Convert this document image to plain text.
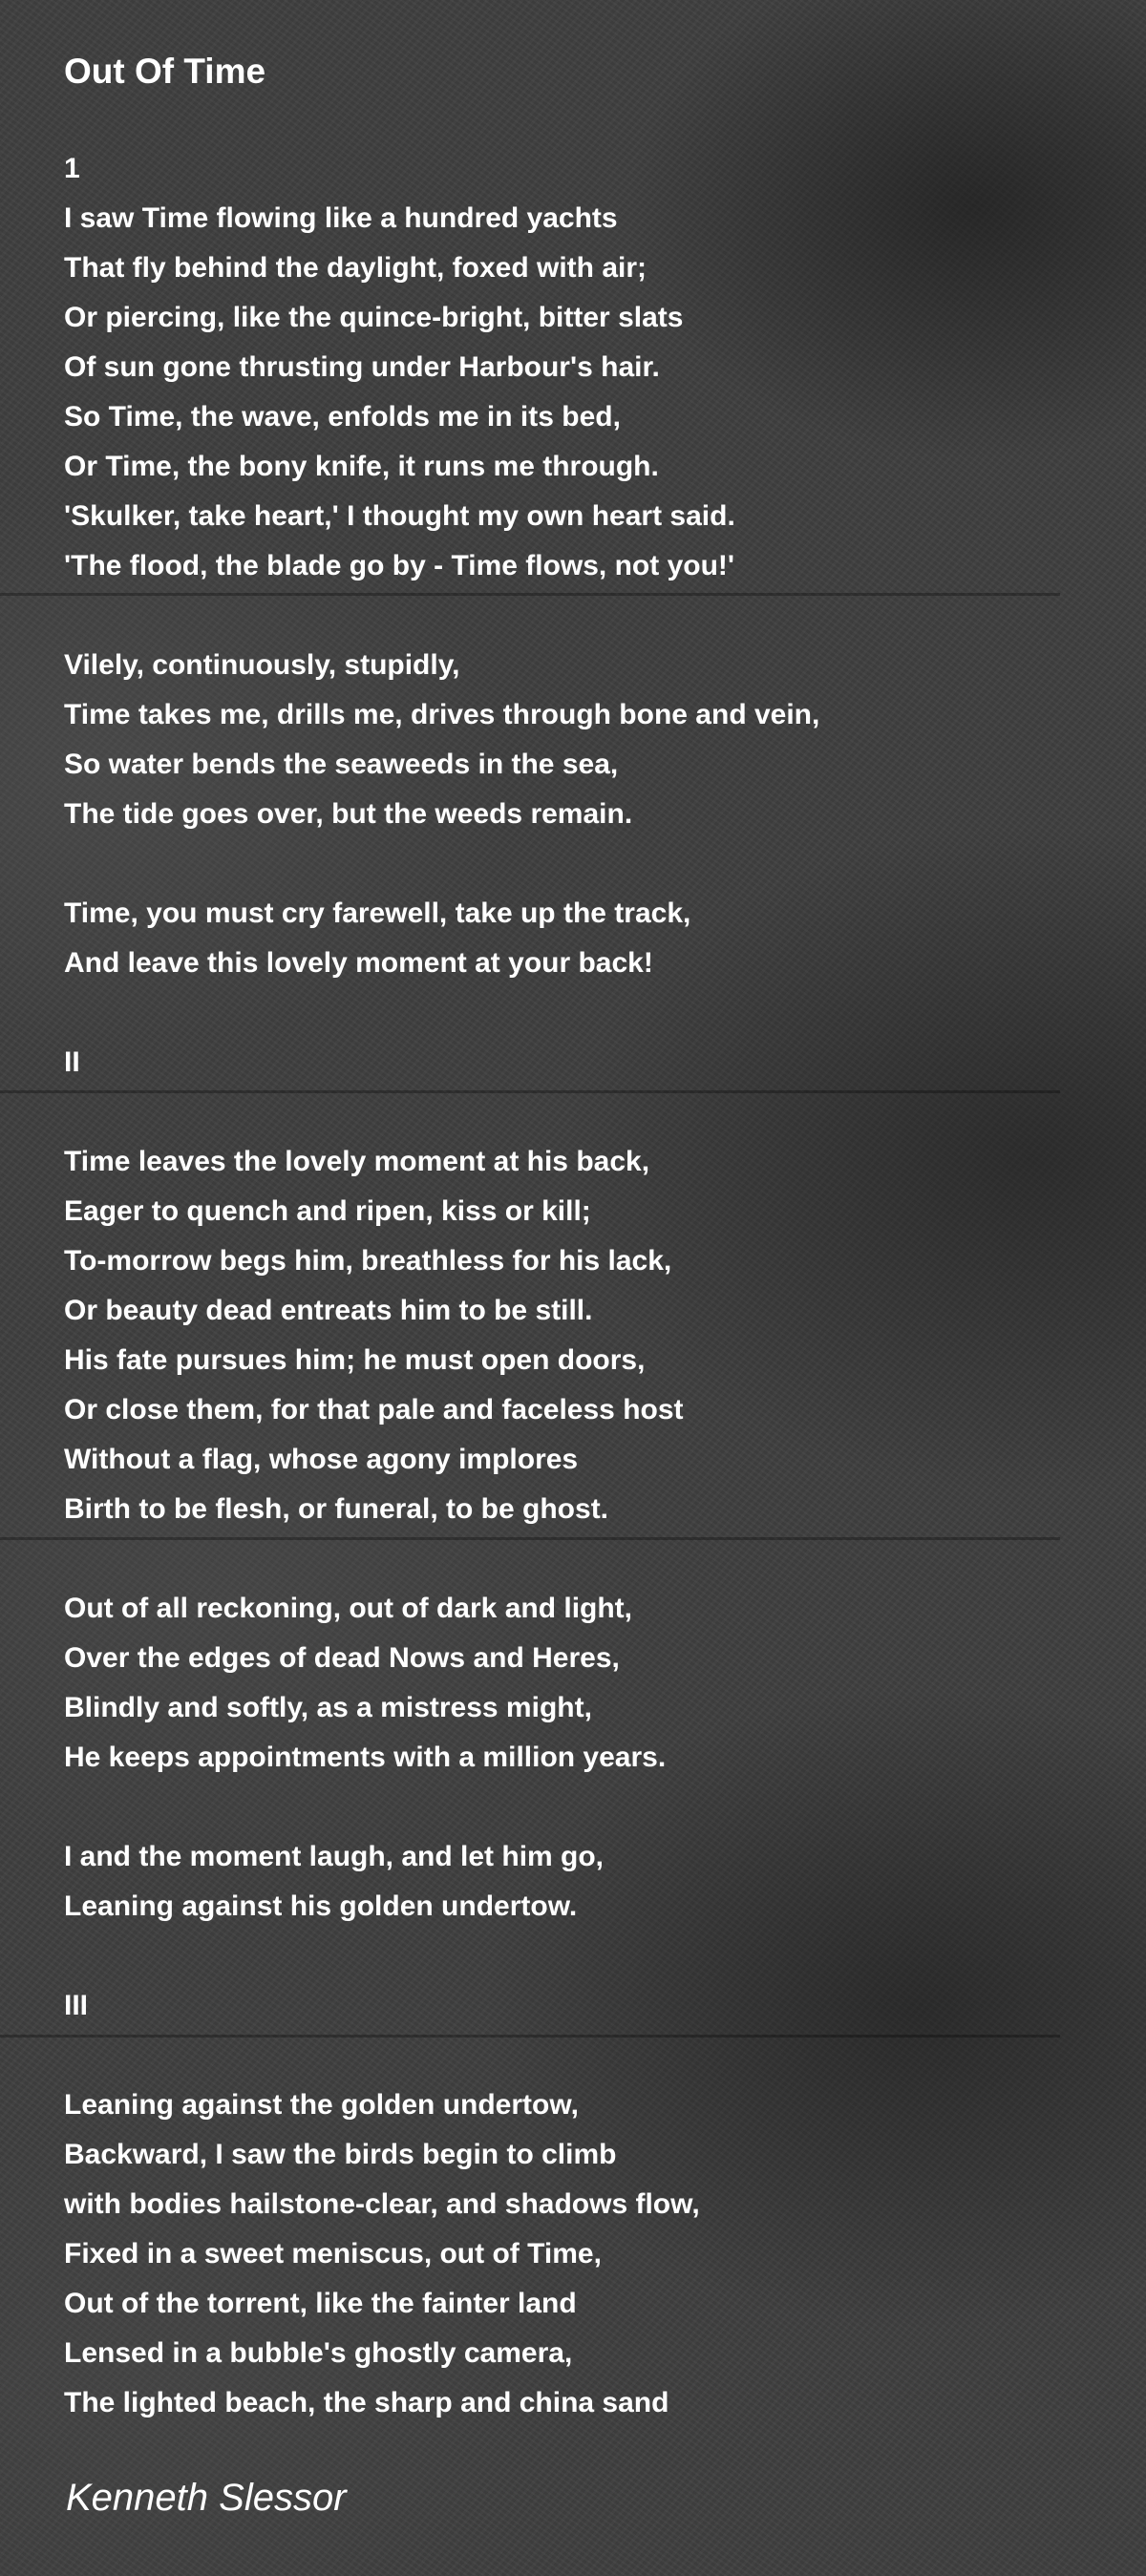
Out Of Time
1
I saw Time flowing like a hundred yachts
That fly behind the daylight, foxed with air;
Or piercing, like the quince-bright, bitter slats
Of sun gone thrusting under Harbour's hair.
So Time, the wave, enfolds me in its bed,
Or Time, the bony knife, it runs me through.
'Skulker, take heart,' I thought my own heart said.
'The flood, the blade go by - Time flows, not you!'
Vilely, continuously, stupidly,
Time takes me, drills me, drives through bone and vein,
So water bends the seaweeds in the sea,
The tide goes over, but the weeds remain.
Time, you must cry farewell, take up the track,
And leave this lovely moment at your back!
II
Time leaves the lovely moment at his back,
Eager to quench and ripen, kiss or kill;
To-morrow begs him, breathless for his lack,
Or beauty dead entreats him to be still.
His fate pursues him; he must open doors,
Or close them, for that pale and faceless host
Without a flag, whose agony implores
Birth to be flesh, or funeral, to be ghost.
Out of all reckoning, out of dark and light,
Over the edges of dead Nows and Heres,
Blindly and softly, as a mistress might,
He keeps appointments with a million years.
I and the moment laugh, and let him go,
Leaning against his golden undertow.
III
Leaning against the golden undertow,
Backward, I saw the birds begin to climb
with bodies hailstone-clear, and shadows flow,
Fixed in a sweet meniscus, out of Time,
Out of the torrent, like the fainter land
Lensed in a bubble's ghostly camera,
The lighted beach, the sharp and china sand
Kenneth Slessor
